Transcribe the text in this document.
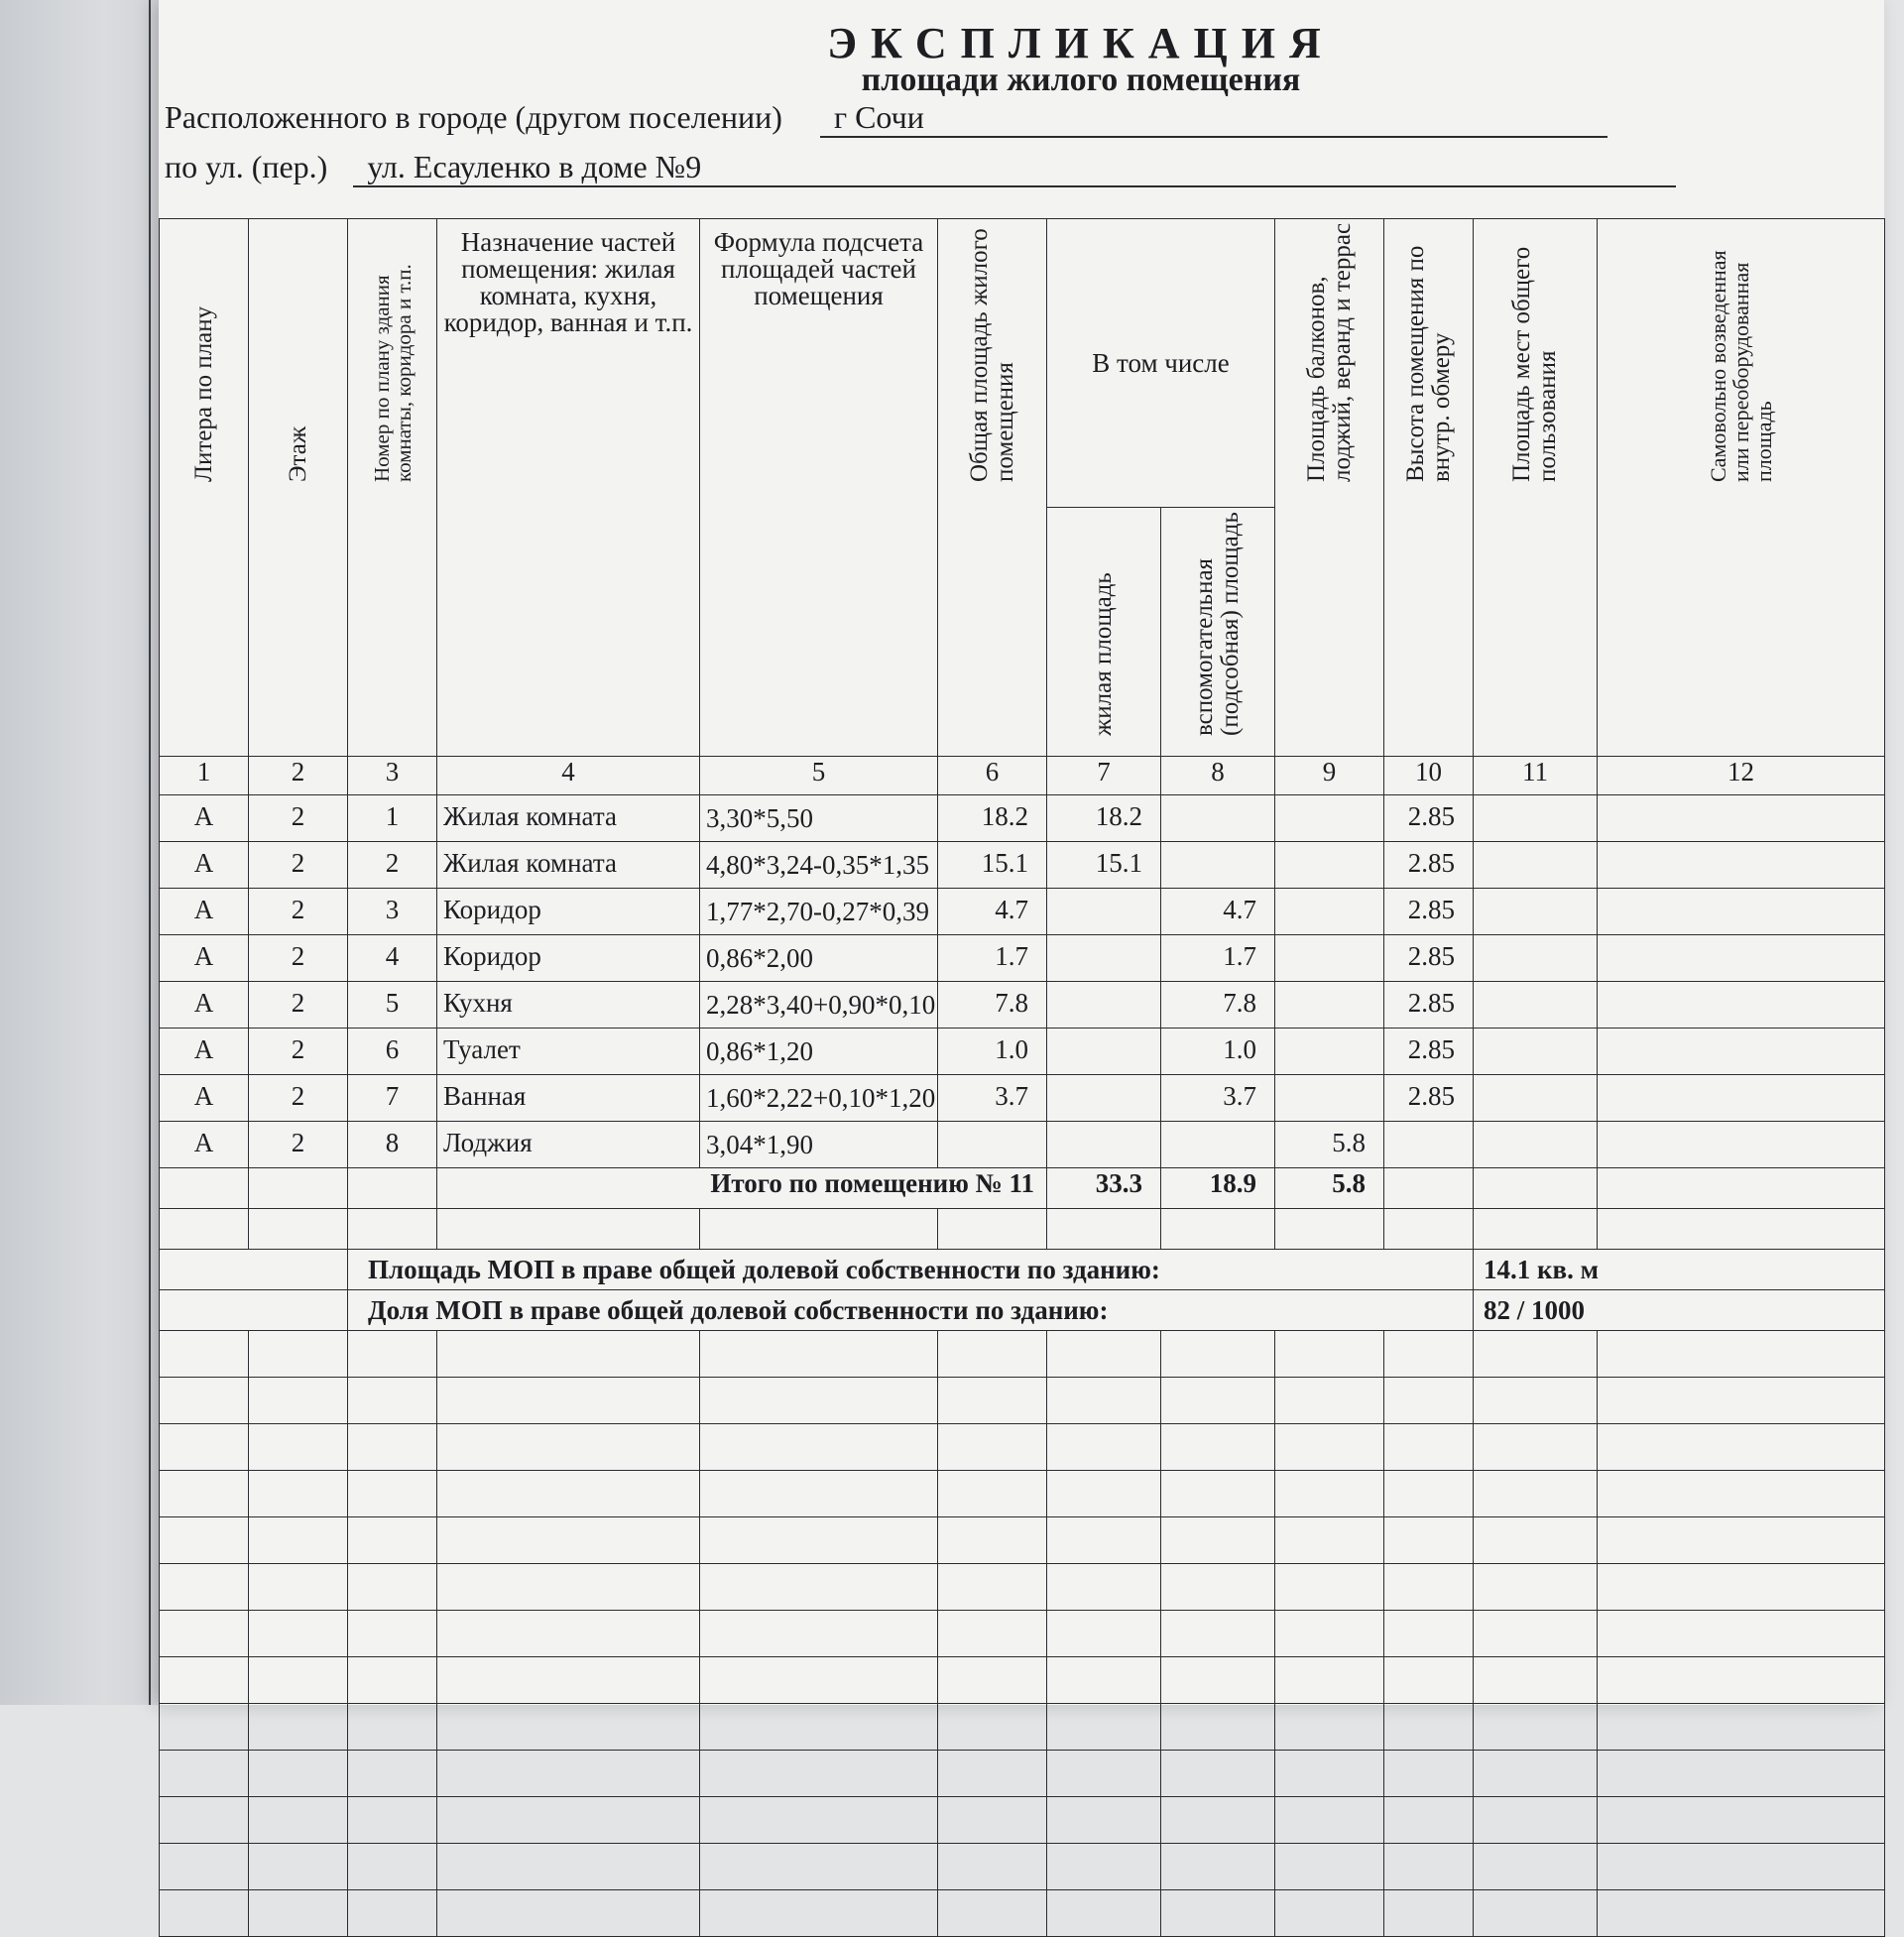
ЭКСПЛИКАЦИЯ
площади жилого помещения
Расположенного в городе (другом поселении) г Сочи
по ул. (пер.) ул. Есауленко в доме №9
Литера по плану	Этаж	Номер по плану здания комнаты, коридора и т.п.	Назначение частей помещения: жилая комната, кухня, коридор, ванная и т.п.	Формула подсчета площадей частей помещения	Общая площадь жилого помещения	В том числе		Площадь балконов, лоджий, веранд и террас	Высота помещения по внутр. обмеру	Площадь мест общего пользования	Самовольно возведенная или переоборудованная площадь

						жилая площадь	вспомогательная (подсобная) площадь				

1	2	3	4	5	6	7	8	9	10	11	12
А	2	1	Жилая комната	3,30*5,50	18.2	18.2			2.85		
А	2	2	Жилая комната	4,80*3,24-0,35*1,35	15.1	15.1			2.85		
А	2	3	Коридор	1,77*2,70-0,27*0,39	4.7		4.7		2.85		
А	2	4	Коридор	0,86*2,00	1.7		1.7		2.85		
А	2	5	Кухня	2,28*3,40+0,90*0,10	7.8		7.8		2.85		
А	2	6	Туалет	0,86*1,20	1.0		1.0		2.85		
А	2	7	Ванная	1,60*2,22+0,10*1,20	3.7		3.7		2.85		
А	2	8	Лоджия	3,04*1,90				5.8			
			Итого по помещению № 11			33.3	18.9	5.8			

		Площадь МОП в праве общей долевой собственности по зданию:								14.1 кв. м	
		Доля МОП в праве общей долевой собственности по зданию:								82 / 1000	
